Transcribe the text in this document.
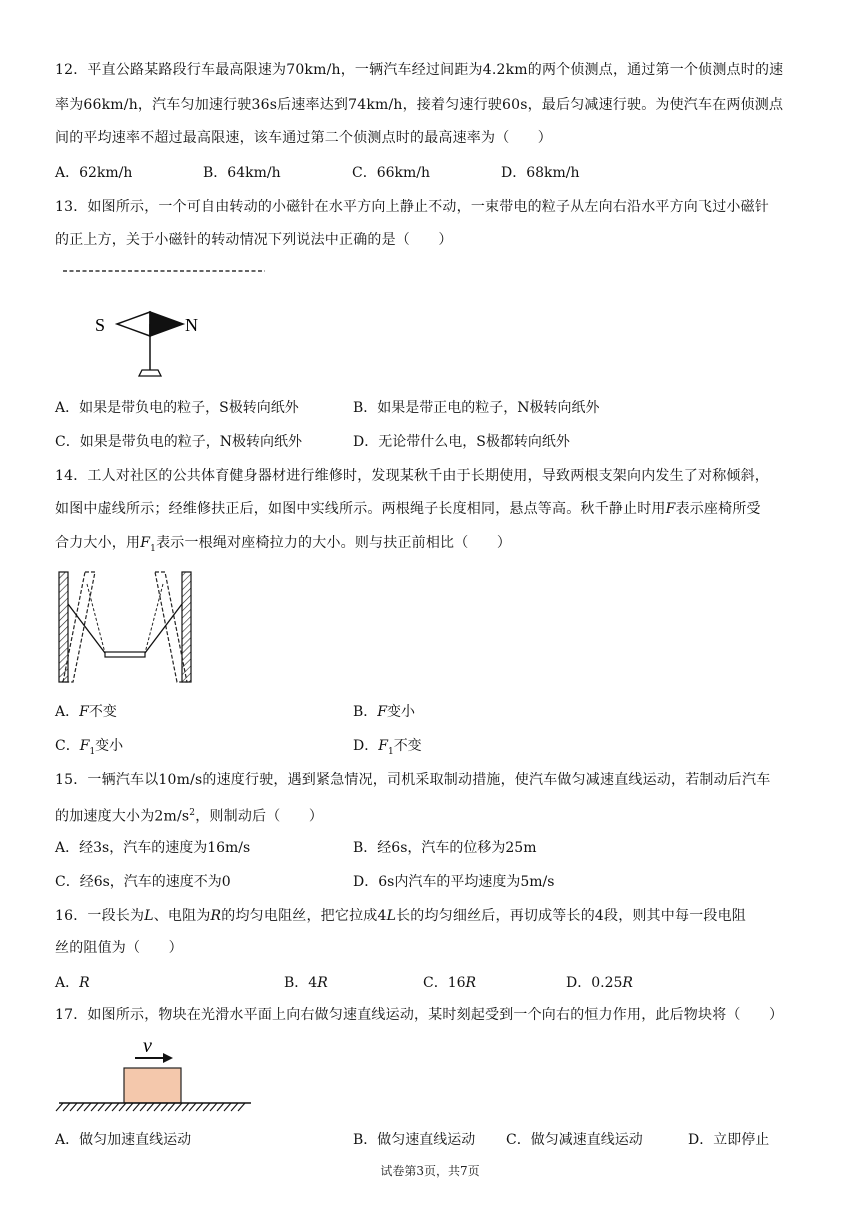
12．平直公路某路段行车最高限速为70km/h，一辆汽车经过间距为4.2km的两个侦测点，通过第一个侦测点时的速
率为66km/h，汽车匀加速行驶36s后速率达到74km/h，接着匀速行驶60s，最后匀减速行驶。为使汽车在两侦测点
间的平均速率不超过最高限速，该车通过第二个侦测点时的最高速率为（　　）
A．62km/h	B．64km/h	C．66km/h	D．68km/h
13．如图所示，一个可自由转动的小磁针在水平方向上静止不动，一束带电的粒子从左向右沿水平方向飞过小磁针
的正上方，关于小磁针的转动情况下列说法中正确的是（　　）
S	N
A．如果是带负电的粒子，S极转向纸外	B．如果是带正电的粒子，N极转向纸外
C．如果是带负电的粒子，N极转向纸外	D．无论带什么电，S极都转向纸外
14．工人对社区的公共体育健身器材进行维修时，发现某秋千由于长期使用，导致两根支架向内发生了对称倾斜，
如图中虚线所示；经维修扶正后，如图中实线所示。两根绳子长度相同，悬点等高。秋千静止时用F表示座椅所受
合力大小，用$F_1$表示一根绳对座椅拉力的大小。则与扶正前相比（　　）
A．F不变	B．F变小
C．$F_1$变小	D．$F_1$不变
15．一辆汽车以10m/s的速度行驶，遇到紧急情况，司机采取制动措施，使汽车做匀减速直线运动，若制动后汽车
的加速度大小为$2m/s^2$，则制动后（　　）
A．经3s，汽车的速度为16m/s	B．经6s，汽车的位移为25m
C．经6s，汽车的速度不为0	D．6s内汽车的平均速度为5m/s
16．一段长为L、电阻为R的均匀电阻丝，把它拉成4L长的均匀细丝后，再切成等长的4段，则其中每一段电阻
丝的阻值为（　　）
A．R	B．4R	C．16R	D．0.25R
17．如图所示，物块在光滑水平面上向右做匀速直线运动，某时刻起受到一个向右的恒力作用，此后物块将（　　）
v
A．做匀加速直线运动	B．做匀速直线运动 C．做匀减速直线运动	D．立即停止
试卷第3页，共7页
